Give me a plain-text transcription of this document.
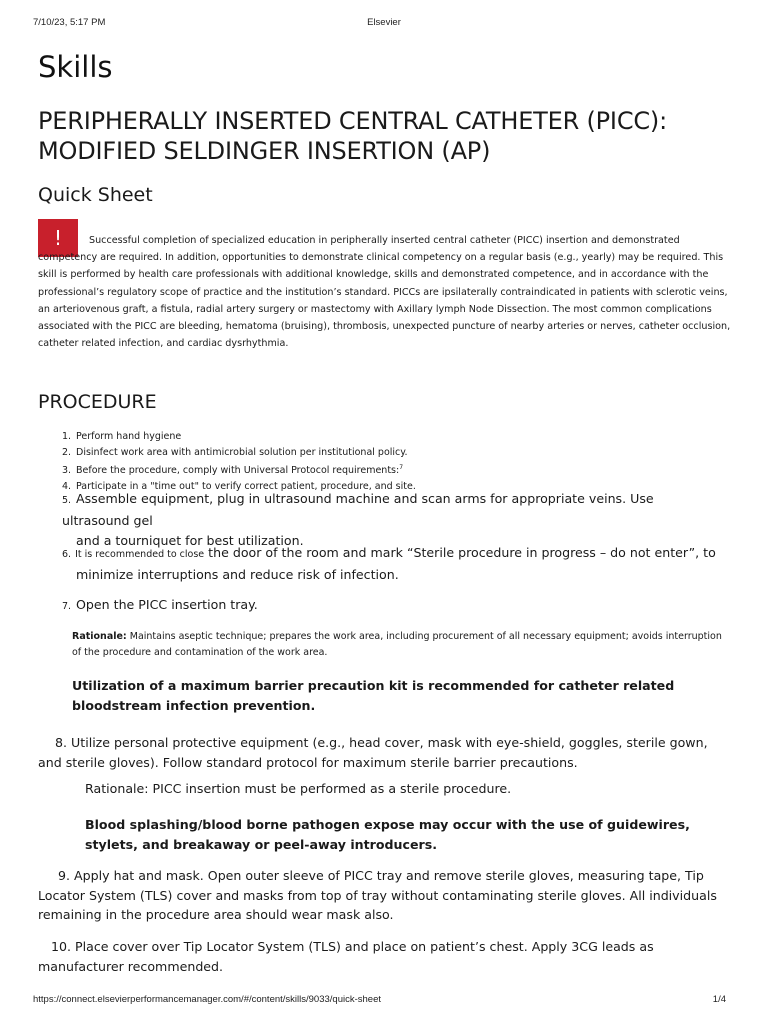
7/10/23, 5:17 PM	Elsevier
Skills
PERIPHERALLY INSERTED CENTRAL CATHETER (PICC):
MODIFIED SELDINGER INSERTION (AP)
Quick Sheet
!	Successful completion of specialized education in peripherally inserted central catheter (PICC) insertion and demonstrated competency are required. In addition, opportunities to demonstrate clinical competency on a regular basis (e.g., yearly) may be required. This skill is performed by health care professionals with additional knowledge, skills and demonstrated competence, and in accordance with the professional’s regulatory scope of practice and the institution’s standard. PICCs are ipsilaterally contraindicated in patients with sclerotic veins, an arteriovenous graft, a fistula, radial artery surgery or mastectomy with Axillary lymph Node Dissection. The most common complications associated with the PICC are bleeding, hematoma (bruising), thrombosis, unexpected puncture of nearby arteries or nerves, catheter occlusion, catheter related infection, and cardiac dysrhythmia.
PROCEDURE
1. Perform hand hygiene
2. Disinfect work area with antimicrobial solution per institutional policy.
3. Before the procedure, comply with Universal Protocol requirements:$^7$
4. Participate in a "time out" to verify correct patient, procedure, and site.
5. Assemble equipment, plug in ultrasound machine and scan arms for appropriate veins. Use ultrasound gel
and a tourniquet for best utilization.
6. It is recommended to close the door of the room and mark “Sterile procedure in progress – do not enter”, to
minimize interruptions and reduce risk of infection.
7. Open the PICC insertion tray.
Rationale: Maintains aseptic technique; prepares the work area, including procurement of all necessary equipment; avoids interruption of the procedure and contamination of the work area.
Utilization of a maximum barrier precaution kit is recommended for catheter related bloodstream infection prevention.
8. Utilize personal protective equipment (e.g., head cover, mask with eye-shield, goggles, sterile gown, and sterile gloves). Follow standard protocol for maximum sterile barrier precautions.
Rationale: PICC insertion must be performed as a sterile procedure.
Blood splashing/blood borne pathogen expose may occur with the use of guidewires, stylets, and breakaway or peel-away introducers.
9. Apply hat and mask. Open outer sleeve of PICC tray and remove sterile gloves, measuring tape, Tip Locator System (TLS) cover and masks from top of tray without contaminating sterile gloves. All individuals remaining in the procedure area should wear mask also.
10. Place cover over Tip Locator System (TLS) and place on patient’s chest. Apply 3CG leads as manufacturer recommended.
https://connect.elsevierperformancemanager.com/#/content/skills/9033/quick-sheet	1/4
